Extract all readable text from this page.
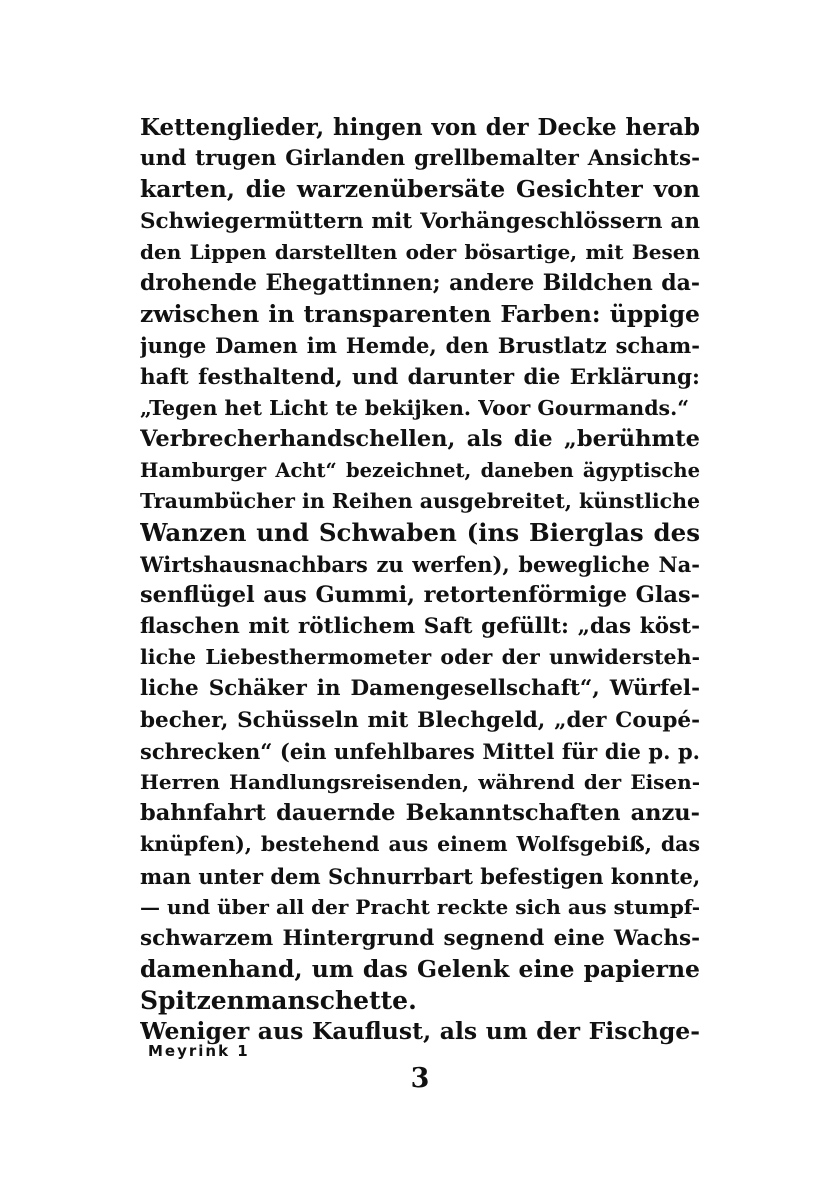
Kettenglieder, hingen von der Decke herab
und trugen Girlanden grellbemalter Ansichts-
karten, die warzenübersäte Gesichter von
Schwiegermüttern mit Vorhängeschlössern an
den Lippen darstellten oder bösartige, mit Besen
drohende Ehegattinnen; andere Bildchen da-
zwischen in transparenten Farben: üppige
junge Damen im Hemde, den Brustlatz scham-
haft festhaltend, und darunter die Erklärung:
„Tegen het Licht te bekijken. Voor Gourmands.“
Verbrecherhandschellen, als die „berühmte
Hamburger Acht“ bezeichnet, daneben ägyptische
Traumbücher in Reihen ausgebreitet, künstliche
Wanzen und Schwaben (ins Bierglas des
Wirtshausnachbars zu werfen), bewegliche Na-
senflügel aus Gummi, retortenförmige Glas-
flaschen mit rötlichem Saft gefüllt: „das köst-
liche Liebesthermometer oder der unwidersteh-
liche Schäker in Damengesellschaft“, Würfel-
becher, Schüsseln mit Blechgeld, „der Coupé-
schrecken“ (ein unfehlbares Mittel für die p. p.
Herren Handlungsreisenden, während der Eisen-
bahnfahrt dauernde Bekanntschaften anzu-
knüpfen), bestehend aus einem Wolfsgebiß, das
man unter dem Schnurrbart befestigen konnte,
— und über all der Pracht reckte sich aus stumpf-
schwarzem Hintergrund segnend eine Wachs-
damenhand, um das Gelenk eine papierne
Spitzenmanschette.
Weniger aus Kauflust, als um der Fischge-
Meyrink 1
3
